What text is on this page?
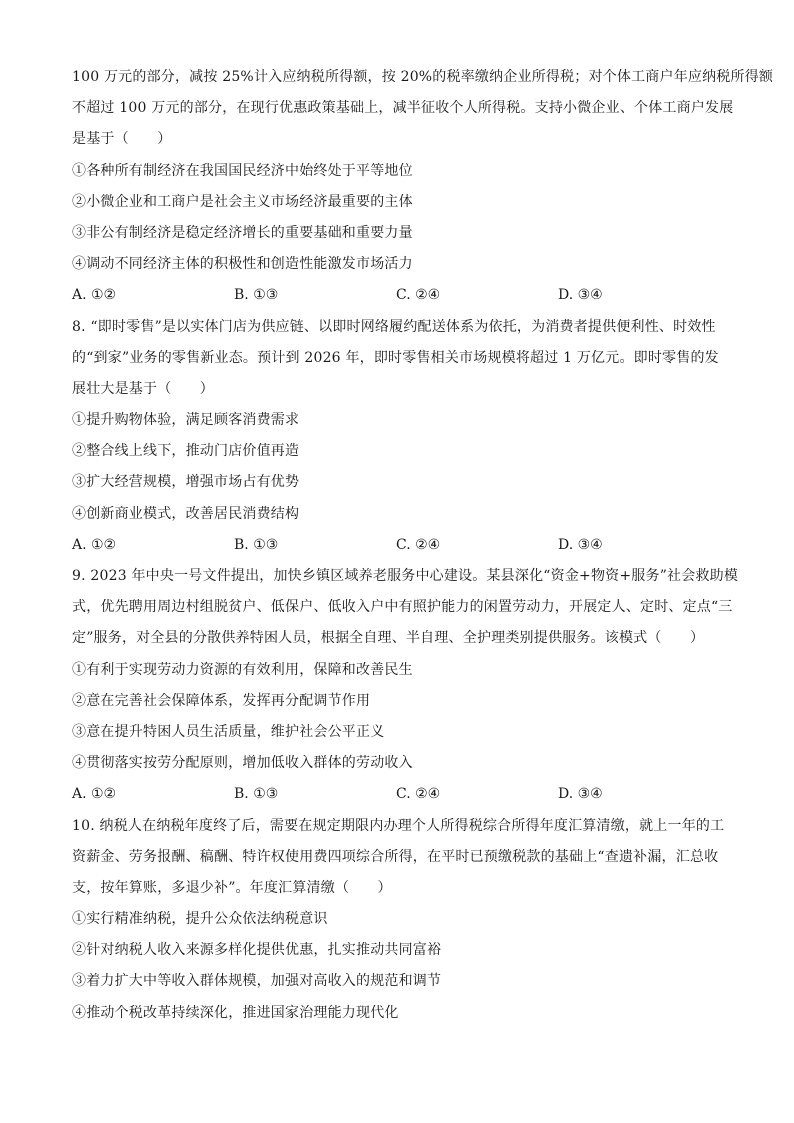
100 万元的部分，减按 25%计入应纳税所得额，按 20%的税率缴纳企业所得税；对个体工商户年应纳税所得额
不超过 100 万元的部分，在现行优惠政策基础上，减半征收个人所得税。支持小微企业、个体工商户发展
是基于（　　）
①各种所有制经济在我国国民经济中始终处于平等地位
②小微企业和工商户是社会主义市场经济最重要的主体
③非公有制经济是稳定经济增长的重要基础和重要力量
④调动不同经济主体的积极性和创造性能激发市场活力
A. ①②	B. ①③	C. ②④	D. ③④
8. “即时零售”是以实体门店为供应链、以即时网络履约配送体系为依托，为消费者提供便利性、时效性
的“到家”业务的零售新业态。预计到 2026 年，即时零售相关市场规模将超过 1 万亿元。即时零售的发
展壮大是基于（　　）
①提升购物体验，满足顾客消费需求
②整合线上线下，推动门店价值再造
③扩大经营规模，增强市场占有优势
④创新商业模式，改善居民消费结构
A. ①②	B. ①③	C. ②④	D. ③④
9. 2023 年中央一号文件提出，加快乡镇区域养老服务中心建设。某县深化“资金+物资+服务”社会救助模
式，优先聘用周边村组脱贫户、低保户、低收入户中有照护能力的闲置劳动力，开展定人、定时、定点“三
定”服务，对全县的分散供养特困人员，根据全自理、半自理、全护理类别提供服务。该模式（　　）
①有利于实现劳动力资源的有效利用，保障和改善民生
②意在完善社会保障体系，发挥再分配调节作用
③意在提升特困人员生活质量，维护社会公平正义
④贯彻落实按劳分配原则，增加低收入群体的劳动收入
A. ①②	B. ①③	C. ②④	D. ③④
10. 纳税人在纳税年度终了后，需要在规定期限内办理个人所得税综合所得年度汇算清缴，就上一年的工
资薪金、劳务报酬、稿酬、特许权使用费四项综合所得，在平时已预缴税款的基础上“查遗补漏，汇总收
支，按年算账，多退少补”。年度汇算清缴（　　）
①实行精准纳税，提升公众依法纳税意识
②针对纳税人收入来源多样化提供优惠，扎实推动共同富裕
③着力扩大中等收入群体规模，加强对高收入的规范和调节
④推动个税改革持续深化，推进国家治理能力现代化
